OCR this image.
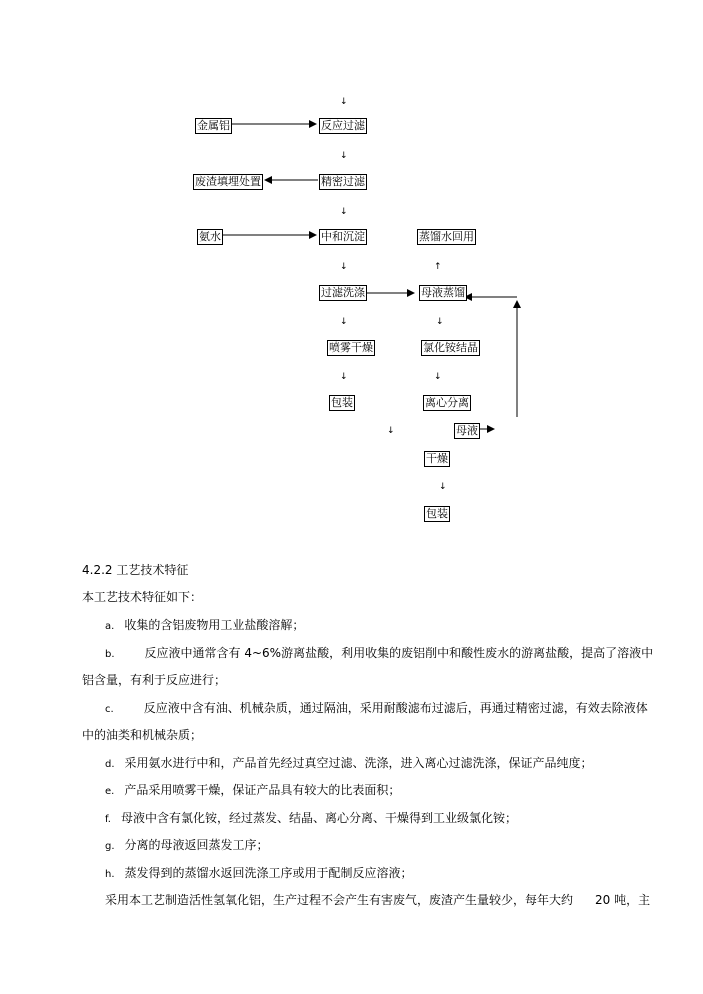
↓
↓
↓
↓	↑
↓	↓
↓	↓
↓
↓
金属铝	反应过滤
废渣填埋处置	精密过滤
氨水	中和沉淀	蒸馏水回用
过滤洗涤	母液蒸馏
喷雾干燥	氯化铵结晶
包装	离心分离
母液
干燥
包装
4.2.2 工艺技术特征
本工艺技术特征如下：
a. 收集的含铝废物用工业盐酸溶解；
b.	反应液中通常含有 4~6%游离盐酸，利用收集的废铝削中和酸性废水的游离盐酸，提高了溶液中
铝含量，有利于反应进行；
c.	反应液中含有油、机械杂质，通过隔油，采用耐酸滤布过滤后，再通过精密过滤，有效去除液体
中的油类和机械杂质；
d. 采用氨水进行中和，产品首先经过真空过滤、洗涤，进入离心过滤洗涤，保证产品纯度；
e. 产品采用喷雾干燥，保证产品具有较大的比表面积；
f. 母液中含有氯化铵，经过蒸发、结晶、离心分离、干燥得到工业级氯化铵；
g. 分离的母液返回蒸发工序；
h. 蒸发得到的蒸馏水返回洗涤工序或用于配制反应溶液；
采用本工艺制造活性氢氧化铝，生产过程不会产生有害废气，废渣产生量较少，每年大约 20 吨，主
